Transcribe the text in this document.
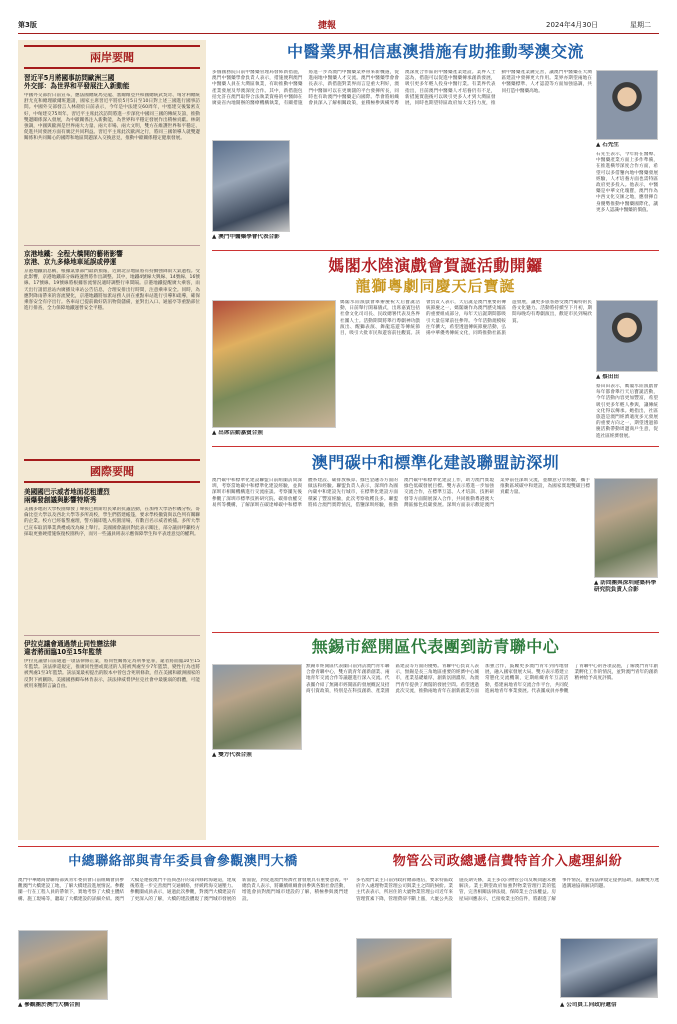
第3版	捷報	2024年4月30日	星期二
兩岸要聞
習近平5月將國事訪問歐洲三國
外交部：為世界和平發展注入新動能
中國外交部於日前宣布，應法國總統馬克龍、塞爾維亞共和國總統武契奇、匈牙利總統舒尤克和總理歐爾班邀請，國家主席習近平將於5月5日至10日對上述三國進行國事訪問。中國外交部發言人林劍於日前表示，今年是中法建交60周年，中塞建交後緊密友好，中匈建交75周年。習近平主席此次訪問將進一步深化中國同三國的傳統友誼，推動雙邊關係深入發展，為中歐關係注入新動能，為世界和平穩定發展作出積極貢獻。林劍強調，中國與歐洲是世界兩大力量、兩大市場、兩大文明，雙方在維護世界和平穩定、促進共同發展方面有廣泛共同利益。習近平主席此次歐洲之行，將同三國領導人就雙邊關係和共同關心的國際和地區問題深入交換意見，推動中歐關係穩定健康發展。
京港地鐵：全程大橋開的藝術影響
京港、京九多條地車延誤或停運
京港地鐵消息稱，根據氣象部門最新預報，近期北京地區將有持續強降雨天氣過程。受此影響，京港地鐵部分線路運營將作出調整。其中，地鐵4號線大興線、14號線、16號線、17號線、19號線將根據客流情況適時調整行車間隔。京港地鐵提醒廣大乘客，雨天出行請留意站內廣播及車站公告信息，合理安排出行時間，注意乘車安全。同時，為應對降雨帶來的客流變化，京港地鐵將加派站務人員在重點車站進行引導和疏導，確保乘客安全有序出行。各車站已提前做好防汛物資儲備，並對出入口、通風亭等重點部位進行排查，全力保障地鐵運營安全平穩。
國際要聞
美國國巴示威者地面花租遭烈
兩爆發創議與影響特斯秀
美國多地的大學校園爆發了聲援巴勒斯坦民眾的抗議活動，在加州大學洛杉磯分校、哥倫比亞大學以及西北大學等多所高校，學生們搭建帳篷，要求學校撤資與以色列有關聯的企業。校方已經報警處理，警方隨即進入校園清場，有數百名示威者被捕。多所大學已宣布取消畢業典禮或改為線上舉行。美國國會議員對此表示關注，部分議員呼籲校方採取更強硬措施恢復校園秩序，而另一些議員則表示應保障學生和平表達意見的權利。
伊拉克議會通過禁止同性戀法律
違者將面臨10至15年監禁
伊拉克議會日前通過一項法律修正案，將同性關係定為刑事犯罪，違者將面臨10至15年監禁。該法律還規定，推廣同性戀或賣淫的人將被判處至少7年監禁，變性行為也將被判處1至3年監禁。該法案最初提出的版本中曾包含死刑條款，但在美國和歐洲國家的反對下被刪除。美國國務卿布林肯表示，該法律威脅伊拉克社會中最脆弱的群體，可能被用來壓制言論自由。
中醫業界相信惠澳措施有助推動琴澳交流
▲ 澳門中醫藥學會代表合影
多個國務院日前中醫藥管理局發佈新措施，澳門中醫藥學會負責人表示，措施便利澳門中醫藥人員在大灣區執業，有助推動中醫藥產業發展及琴澳深度合作。其中，新措施包括允許在澳門取得合法執業資格的中醫師在廣東省內地開辦的醫療機構執業，有關措施將進一步為澳門中醫藥業界帶來新機遇，促進兩地中醫藥人才交流。澳門中醫藥學會會長表示，新措施對業界而言是重大利好，澳門中醫師可以在更廣闊的平台發揮所長，同時也有助澳門中醫藥走向國際。學會將組織會員深入了解相關政策，並積極參與橫琴粵澳深度合作區的中醫藥產業建設。業界人士認為，措施可以促進中醫藥傳承創新發展，吸引更多年輕人投身中醫行業。有業界代表指出，目前澳門中醫藥人才培養仍有不足，新措施實施後可以吸引更多人才到大灣區發展，同時也期望特區政府加大支持力度，推動中醫藥產業鏈完善，讓澳門中醫藥在大灣區建設中發揮更大作用。業界亦期望兩地在中醫藥標準、人才認證等方面加強協調，共同打造中醫藥高地。
▲ 石先生
石先生表示，今年將在醫療、中醫藥產業方面上多作準備，在推進橫琴深度合作方面，希望可以多借鑒內地中醫藥發展經驗，人才培養方面也需特區政府更多投入。他表示，中醫藥是中華文化瑰寶，澳門作為中西文化交匯之地，應發揮自身優勢推動中醫藥國際化，讓更多人認識中醫藥的價值。
媽閣水陸演戲會賀誕活動開鑼
龍獅粵劇同慶天后寶誕
▲ 出席活動嘉賓合照
媽閣水陸演戲會舉辦慶祝天后寶誕活動，日前舉行開幕儀式，出席嘉賓包括社會文化司司長、民政總署代表及各界社團人士。活動期間將舉行粵劇神功戲演出、醒獅表演、舞龍巡遊等傳統節目，吸引大批市民和遊客前往觀賞。該會負責人表示，天后誕是澳門重要的傳統節慶之一，媽閣廟作為澳門歷史城區的重要組成部分，每年天后誕期間都吸引大量信眾前往參拜。今年活動規模較往年擴大，希望透過傳統節慶活動，弘揚中華優秀傳統文化，同時推動社區旅遊發展，讓更多旅客感受澳門獨特的民俗文化魅力。活動將持續至下月初，期間每晚均有粵劇演出，歡迎市民到場欣賞。
▲ 蔡田田
蔡田田表示，媽閣水陸演戲會每年都會舉行天后寶誕活動，今年活動內容更加豐富，希望吸引更多年輕人參與，讓傳統文化得以傳承。她指出，社區旅遊是澳門經濟適度多元發展的重要方向之一，期望透過節慶活動帶動周邊商戶生意，促進社區經濟發展。
澳門碳中和標準化建設聯盟訪深圳
澳門碳中和標準化建設聯盟日前組團訪問深圳，考察當地碳中和標準化建設經驗，並與深圳市相關機構進行交流座談。考察團先後參觀了深圳市標準技術研究院、碳排放權交易所等機構，了解深圳在碳達峰碳中和標準體系建設、碳排放核算、綠色金融等方面的做法和經驗。聯盟負責人表示，深圳作為國內碳中和建設先行城市，在標準化建設方面積累了豐富經驗，此次考察收穫良多。聯盟將結合澳門實際情況，借鑒深圳經驗，推動澳門碳中和標準化建設工作，助力澳門實現綠色低碳發展目標。雙方表示將進一步加強交流合作，在標準互認、人才培訓、技術研發等方面開展深入合作，共同推動粵港澳大灣區綠色低碳發展。深圳方面表示歡迎澳門業界前往深圳交流，並願意分享經驗，攜手推動區域碳中和建設，為國家實現雙碳目標貢獻力量。
▲ 訪問團與深圳建築科學研究院負責人合影
無錫市經開區代表團到訪青聯中心
▲ 雙方代表合照
無錫市經開區代表團日前到訪澳門青年聯合會青聯中心，雙方就青年創新創業、兩地青年交流合作等議題進行深入交流。代表團介紹了無錫市經開區的發展概況及招商引資政策，特別是在科技創新、產業園區建設等方面的優勢。青聯中心負責人表示，無錫是長三角地區重要的經濟中心城市，產業基礎雄厚，創新氛圍濃厚，為澳門青年提供了廣闊的發展空間。希望透過此次交流，推動兩地青年在創新創業方面加強合作，鼓勵更多澳門青年到內地發展，融入國家發展大局。雙方表示將建立常態化交流機制，定期組織青年互訪活動，搭建兩地青年交流合作平台，共同促進兩地青年事業發展。代表團成員亦參觀了青聯中心的各項設施，了解澳門青年創業孵化工作的情況，並對澳門青年的創新精神給予高度評價。
中總聯絡部與青年委員會參觀澳門大橋
澳門中華總商會聯絡部與青年委員會日前組織會員參觀澳門大橋建設工地，了解大橋建設進展情況。參觀團一行在工程人員的帶領下，實地考察了大橋主體結構、施工現場等，聽取了大橋建設的詳細介紹。澳門大橋是連接澳門半島與氹仔的第四條跨海通道，建成後將進一步完善澳門交通網絡，紓緩跨海交通壓力。參觀團成員表示，通過此次參觀，對澳門大橋建設有了更深入的了解，大橋的建設體現了澳門城市發展的新面貌，對促進澳門經濟社會發展具有重要意義。中總負責人表示，將繼續組織會員參與各類社會活動，增進會員對澳門城市建設的了解，積極參與澳門建設。
▲ 參觀團於澳門大橋合照
物管公司政總遞信費特首介入處理糾紛
多名澳門業主日前到政府總部遞信，要求特區政府介入處理物業管理公司與業主之間的糾紛。業主代表表示，所居住的大廈物業管理公司近年來管理質素下降，管理費卻不斷上漲，大廈公共設施長期失修，業主多次向物管公司反映問題未獲解決。業主期望政府加強對物業管理行業的監管，完善相關法律法規，保障業主合法權益。房屋局回應表示，已接收業主的信件，將跟進了解事件情況，並按法律規定提供協助，鼓勵雙方透過溝通協商解決問題。
▲ 公司員工向政府遞信
